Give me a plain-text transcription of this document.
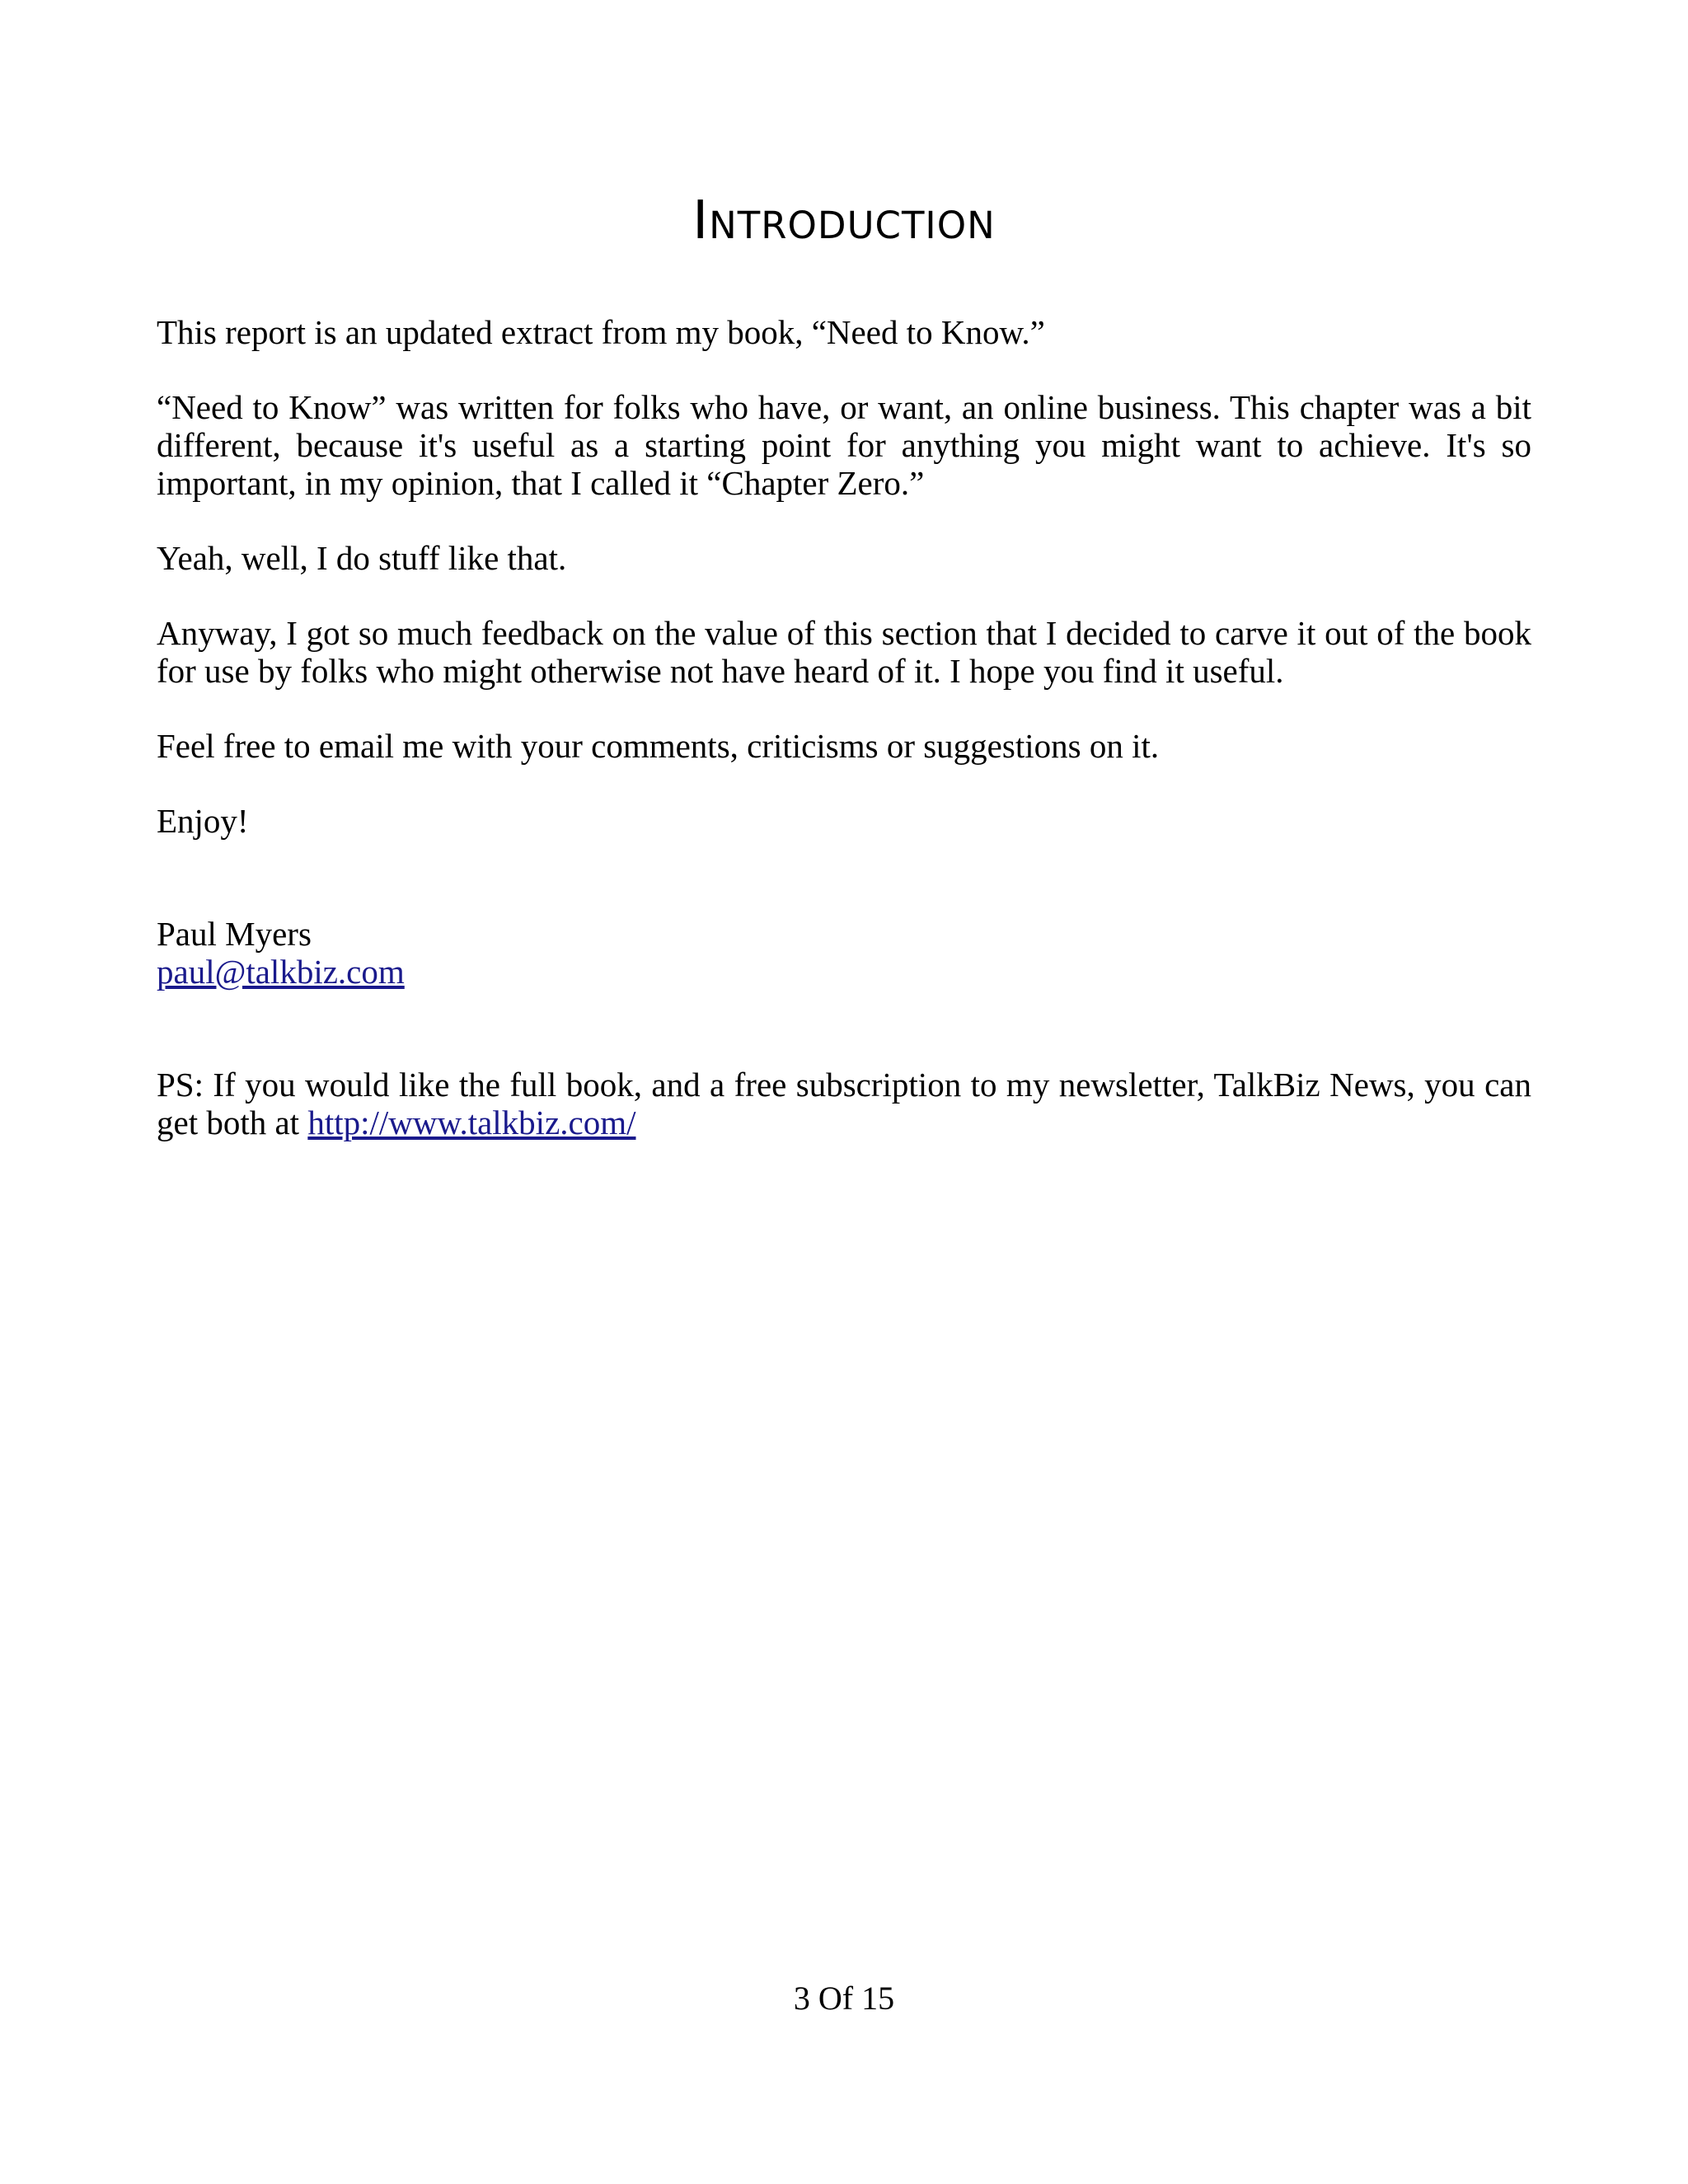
Introduction

This report is an updated extract from my book, “Need to Know.”

“Need to Know” was written for folks who have, or want, an online business. This chapter was a bit different, because it's useful as a starting point for anything you might want to achieve. It's so important, in my opinion, that I called it “Chapter Zero.”

Yeah, well, I do stuff like that.

Anyway, I got so much feedback on the value of this section that I decided to carve it out of the book for use by folks who might otherwise not have heard of it. I hope you find it useful.

Feel free to email me with your comments, criticisms or suggestions on it.

Enjoy!

Paul Myers

paul@talkbiz.com

PS: If you would like the full book, and a free subscription to my newsletter, TalkBiz News, you can get both at http://www.talkbiz.com/

3 Of 15
